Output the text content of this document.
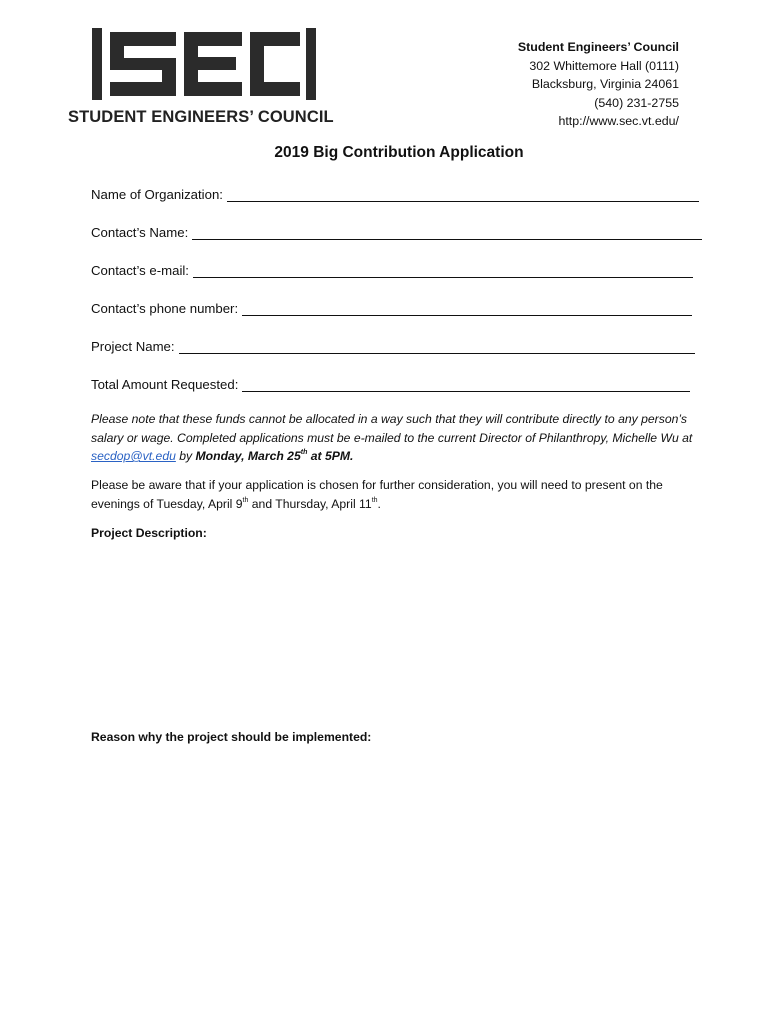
STUDENT ENGINEERS’ COUNCIL
Student Engineers’ Council
302 Whittemore Hall (0111)
Blacksburg, Virginia 24061
(540) 231-2755
http://www.sec.vt.edu/
2019 Big Contribution Application
Name of Organization:
Contact’s Name:
Contact’s e-mail:
Contact’s phone number:
Project Name:
Total Amount Requested:
Please note that these funds cannot be allocated in a way such that they will contribute directly to any person’s salary or wage. Completed applications must be e-mailed to the current Director of Philanthropy, Michelle Wu at secdop@vt.edu by Monday, March 25th at 5PM.
Please be aware that if your application is chosen for further consideration, you will need to present on the evenings of Tuesday, April 9th and Thursday, April 11th.
Project Description:
Reason why the project should be implemented:
